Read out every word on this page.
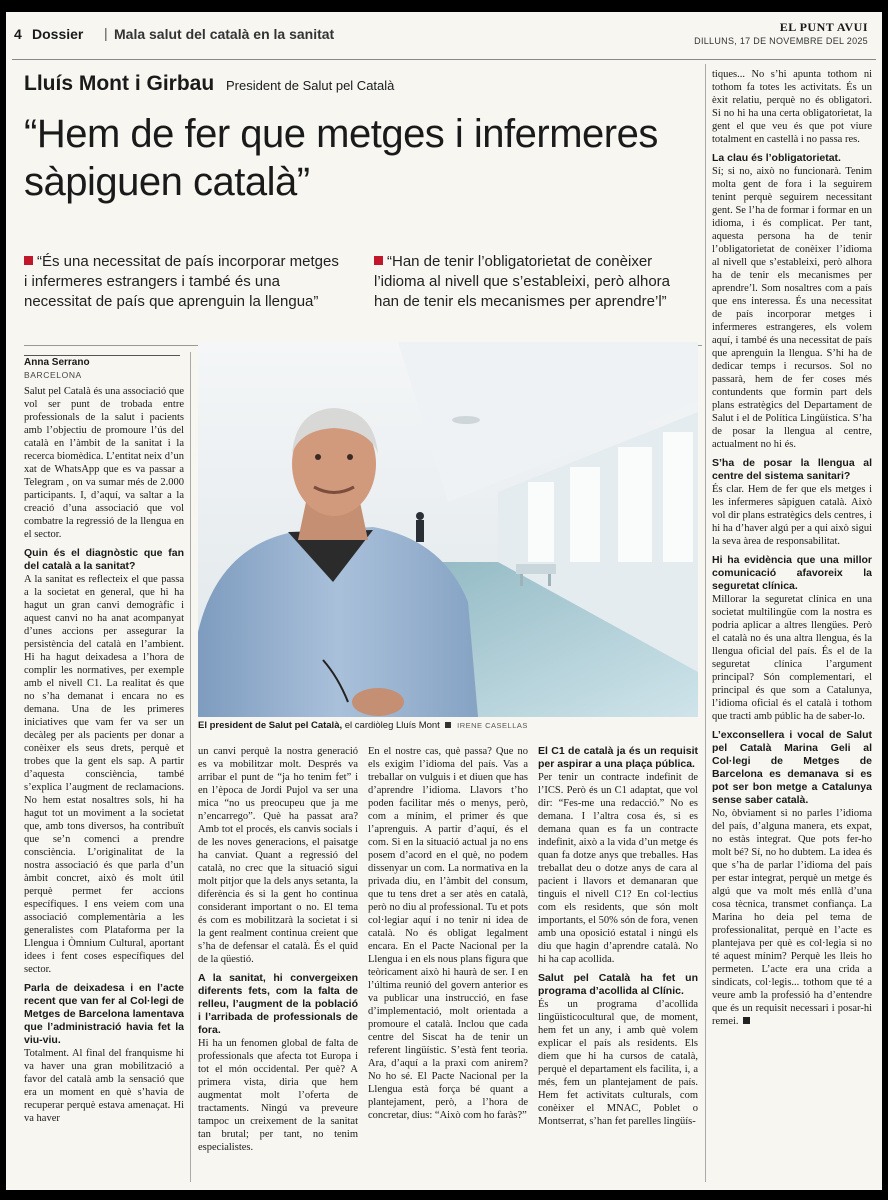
4 Dossier | Mala salut del català en la sanitat	EL PUNT AVUI
DILLUNS, 17 DE NOVEMBRE DEL 2025
Lluís Mont i Girbau President de Salut pel Català
“Hem de fer que metges i infermeres sàpiguen català”
“És una necessitat de país incorporar metges i infermeres estrangers i també és una necessitat de país que aprenguin la llengua”
“Han de tenir l’obligatorietat de conèixer l’idioma al nivell que s’estableixi, però alhora han de tenir els mecanismes per aprendre’l”
Anna Serrano
BARCELONA
El president de Salut pel Català, el cardiòleg Lluís Mont IRENE CASELLAS

Salut pel Català és una associació que vol ser punt de trobada entre professionals de la salut i pacients amb l’objectiu de promoure l’ús del català en l’àmbit de la sanitat i la recerca biomèdica. L’entitat neix d’un xat de WhatsApp que es va passar a Telegram , on va sumar més de 2.000 participants. I, d’aquí, va saltar a la creació d’una associació que vol combatre la regressió de la llengua en el sector.

Quin és el diagnòstic que fan del català a la sanitat?

A la sanitat es reflecteix el que passa a la societat en general, que hi ha hagut un gran canvi demogràfic i aquest canvi no ha anat acompanyat d’unes accions per assegurar la persistència del català en l’ambient. Hi ha hagut deixadesa a l’hora de complir les normatives, per exemple amb el nivell C1. La realitat és que no s’ha demanat i encara no es demana. Una de les primeres iniciatives que vam fer va ser un decàleg per als pacients per donar a conèixer els seus drets, perquè et trobes que la gent els sap. A partir d’aquesta consciència, també s’explica l’augment de reclamacions. No hem estat nosaltres sols, hi ha hagut tot un moviment a la societat que, amb tons diversos, ha contribuït que se’n comenci a prendre consciència. L’originalitat de la nostra associació és que parla d’un àmbit concret, això és molt útil perquè permet fer accions específiques. I ens veiem com una associació complementària a les generalistes com Plataforma per la Llengua i Òmnium Cultural, aportant idees i fent coses específiques del sector.

Parla de deixadesa i en l’acte recent que van fer al Col·legi de Metges de Barcelona lamentava que l’administració havia fet la viu-viu.

Totalment. Al final del franquisme hi va haver una gran mobilització a favor del català amb la sensació que era un moment en què s’havia de recuperar perquè estava amenaçat. Hi va haver

un canvi perquè la nostra generació es va mobilitzar molt. Després va arribar el punt de “ja ho tenim fet” i en l’època de Jordi Pujol va ser una mica “no us preocupeu que ja me n’encarrego”. Què ha passat ara? Amb tot el procés, els canvis socials i de les noves generacions, el paisatge ha canviat. Quant a regressió del català, no crec que la situació sigui molt pitjor que la dels anys setanta, la diferència és si la gent ho continua considerant important o no. El tema és com es mobilitzarà la societat i si la gent realment continua creient que s’ha de defensar el català. És el quid de la qüestió.

A la sanitat, hi convergeixen diferents fets, com la falta de relleu, l’augment de la població i l’arribada de professionals de fora.

Hi ha un fenomen global de falta de professionals que afecta tot Europa i tot el món occidental. Per què? A primera vista, diria que hem augmentat molt l’oferta de tractaments. Ningú va preveure tampoc un creixement de la sanitat tan brutal; per tant, no tenim especialistes.

En el nostre cas, què passa? Que no els exigim l’idioma del país. Vas a treballar on vulguis i et diuen que has d’aprendre l’idioma. Llavors t’ho poden facilitar més o menys, però, com a mínim, el primer és que l’aprenguis. A partir d’aquí, és el com. Si en la situació actual ja no ens posem d’acord en el què, no podem dissenyar un com. La normativa en la privada diu, en l’àmbit del consum, que tu tens dret a ser atès en català, però no diu al professional. Tu et pots col·legiar aquí i no tenir ni idea de català. No és obligat legalment encara. En el Pacte Nacional per la Llengua i en els nous plans figura que teòricament això hi haurà de ser. I en l’última reunió del govern anterior es va publicar una instrucció, en fase d’implementació, molt orientada a promoure el català. Inclou que cada centre del Siscat ha de tenir un referent lingüístic. S’està fent teoria. Ara, d’aquí a la praxi com anirem? No ho sé. El Pacte Nacional per la Llengua està força bé quant a plantejament, però, a l’hora de concretar, dius: “Això com ho faràs?”

El C1 de català ja és un requisit per aspirar a una plaça pública.

Per tenir un contracte indefinit de l’ICS. Però és un C1 adaptat, que vol dir: “Fes-me una redacció.” No es demana. I l’altra cosa és, si es demana quan es fa un contracte indefinit, això a la vida d’un metge és quan fa dotze anys que treballes. Has treballat deu o dotze anys de cara al pacient i llavors et demanaran que tinguis el nivell C1? En col·lectius com els residents, que són molt importants, el 50% són de fora, venen amb una oposició estatal i ningú els diu que hagin d’aprendre català. No hi ha cap acollida.

Salut pel Català ha fet un programa d’acollida al Clínic.

És un programa d’acollida lingüisticocultural que, de moment, hem fet un any, i amb què volem explicar el país als residents. Els diem que hi ha cursos de català, perquè el departament els facilita, i, a més, fem un plantejament de país. Hem fet activitats culturals, com conèixer el MNAC, Poblet o Montserrat, s’han fet parelles lingüís-

tiques... No s’hi apunta tothom ni tothom fa totes les activitats. És un èxit relatiu, perquè no és obligatori. Si no hi ha una certa obligatorietat, la gent el que veu és que pot viure totalment en castellà i no passa res.

La clau és l’obligatorietat.

Sí; si no, això no funcionarà. Tenim molta gent de fora i la seguirem tenint perquè seguirem necessitant gent. Se l’ha de formar i formar en un idioma, i és complicat. Per tant, aquesta persona ha de tenir l’obligatorietat de conèixer l’idioma al nivell que s’estableixi, però alhora ha de tenir els mecanismes per aprendre’l. Som nosaltres com a país que ens interessa. És una necessitat de país incorporar metges i infermeres estrangeres, els volem aquí, i també és una necessitat de país que aprenguin la llengua. S’hi ha de dedicar temps i recursos. Sol no passarà, hem de fer coses més contundents que formin part dels plans estratègics del Departament de Salut i el de Política Lingüística. S’ha de posar la llengua al centre, actualment no hi és.

S’ha de posar la llengua al centre del sistema sanitari?

És clar. Hem de fer que els metges i les infermeres sàpiguen català. Això vol dir plans estratègics dels centres, i hi ha d’haver algú per a qui això sigui la seva àrea de responsabilitat.

Hi ha evidència que una millor comunicació afavoreix la seguretat clínica.

Millorar la seguretat clínica en una societat multilingüe com la nostra es podria aplicar a altres llengües. Però el català no és una altra llengua, és la llengua oficial del país. És el de la seguretat clínica l’argument principal? Són complementari, el principal és que som a Catalunya, l’idioma oficial és el català i tothom que tracti amb públic ha de saber-lo.

L’exconsellera i vocal de Salut pel Català Marina Geli al Col·legi de Metges de Barcelona es demanava si es pot ser bon metge a Catalunya sense saber català.

No, òbviament si no parles l’idioma del país, d’alguna manera, ets expat, no estàs integrat. Que pots fer-ho molt bé? Sí, no ho dubtem. La idea és que s’ha de parlar l’idioma del país per estar integrat, perquè un metge és algú que va molt més enllà d’una cosa tècnica, transmet confiança. La Marina ho deia pel tema de professionalitat, perquè en l’acte es plantejava per què es col·legia si no té aquest mínim? Perquè les lleis ho permeten. L’acte era una crida a sindicats, col·legis... tothom que té a veure amb la professió ha d’entendre que és un requisit necessari i posar-hi remei.
